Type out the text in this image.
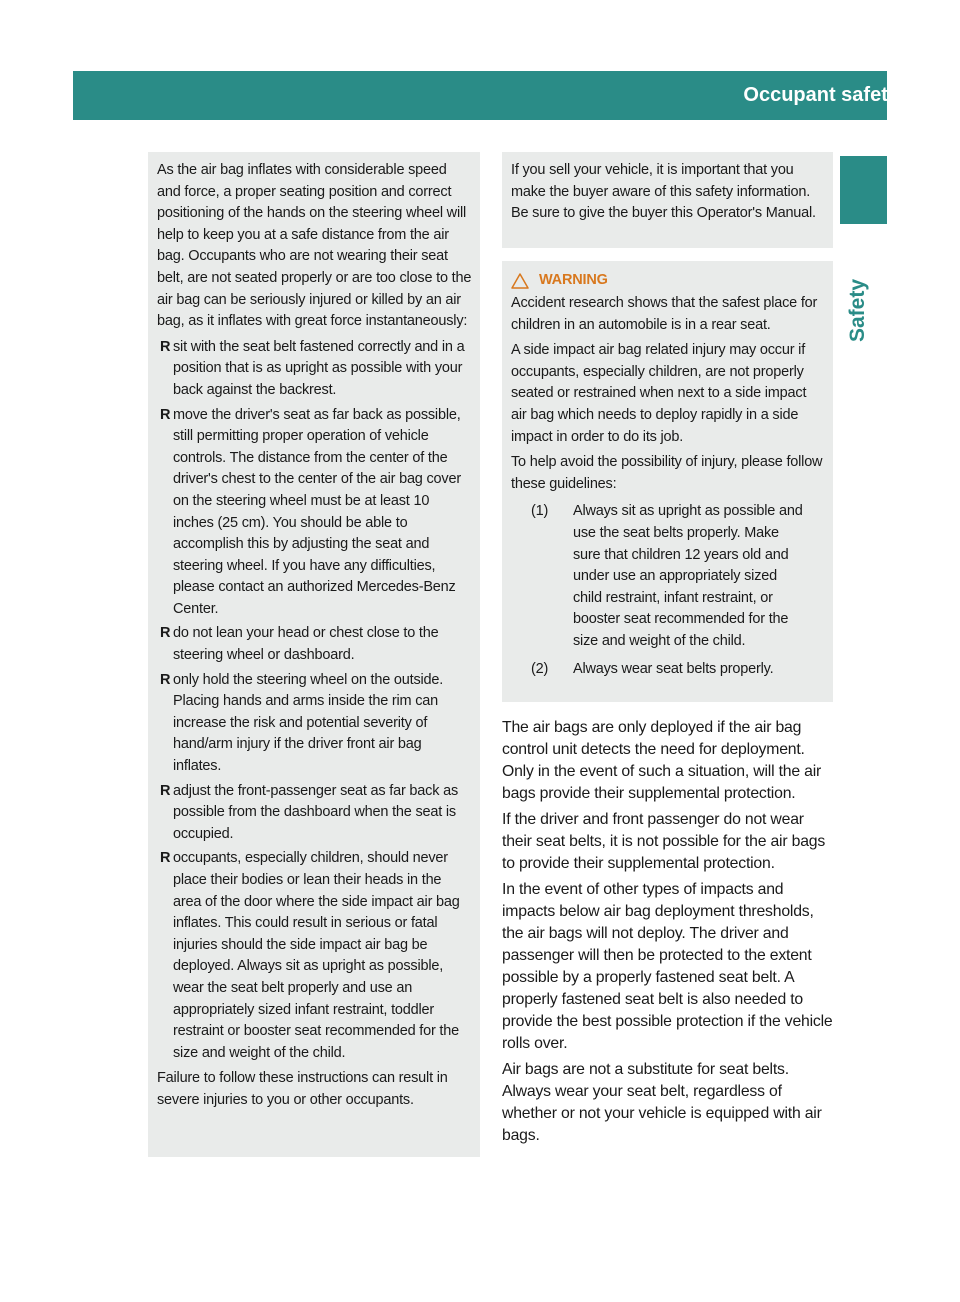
Occupant safety	43
Safety

As the air bag inflates with considerable speed and force, a proper seating position and correct positioning of the hands on the steering wheel will help to keep you at a safe distance from the air bag. Occupants who are not wearing their seat belt, are not seated properly or are too close to the air bag can be seriously injured or killed by an air bag, as it inflates with great force instantaneously:

R sit with the seat belt fastened correctly and in a position that is as upright as possible with your back against the backrest.
R move the driver's seat as far back as possible, still permitting proper operation of vehicle controls. The distance from the center of the driver's chest to the center of the air bag cover on the steering wheel must be at least 10 inches (25 cm). You should be able to accomplish this by adjusting the seat and steering wheel. If you have any difficulties, please contact an authorized Mercedes-Benz Center.
R do not lean your head or chest close to the steering wheel or dashboard.
R only hold the steering wheel on the outside. Placing hands and arms inside the rim can increase the risk and potential severity of hand/arm injury if the driver front air bag inflates.
R adjust the front-passenger seat as far back as possible from the dashboard when the seat is occupied.
R occupants, especially children, should never place their bodies or lean their heads in the area of the door where the side impact air bag inflates. This could result in serious or fatal injuries should the side impact air bag be deployed. Always sit as upright as possible, wear the seat belt properly and use an appropriately sized infant restraint, toddler restraint or booster seat recommended for the size and weight of the child.

Failure to follow these instructions can result in severe injuries to you or other occupants.

If you sell your vehicle, it is important that you make the buyer aware of this safety information. Be sure to give the buyer this Operator's Manual.

WARNING

Accident research shows that the safest place for children in an automobile is in a rear seat.

A side impact air bag related injury may occur if occupants, especially children, are not properly seated or restrained when next to a side impact air bag which needs to deploy rapidly in a side impact in order to do its job.

To help avoid the possibility of injury, please follow these guidelines:

(1)	Always sit as upright as possible and use the seat belts properly. Make sure that children 12 years old and under use an appropriately sized child restraint, infant restraint, or booster seat recommended for the size and weight of the child.
(2)	Always wear seat belts properly.

The air bags are only deployed if the air bag control unit detects the need for deployment. Only in the event of such a situation, will the air bags provide their supplemental protection.

If the driver and front passenger do not wear their seat belts, it is not possible for the air bags to provide their supplemental protection.

In the event of other types of impacts and impacts below air bag deployment thresholds, the air bags will not deploy. The driver and passenger will then be protected to the extent possible by a properly fastened seat belt. A properly fastened seat belt is also needed to provide the best possible protection if the vehicle rolls over.

Air bags are not a substitute for seat belts. Always wear your seat belt, regardless of whether or not your vehicle is equipped with air bags.
